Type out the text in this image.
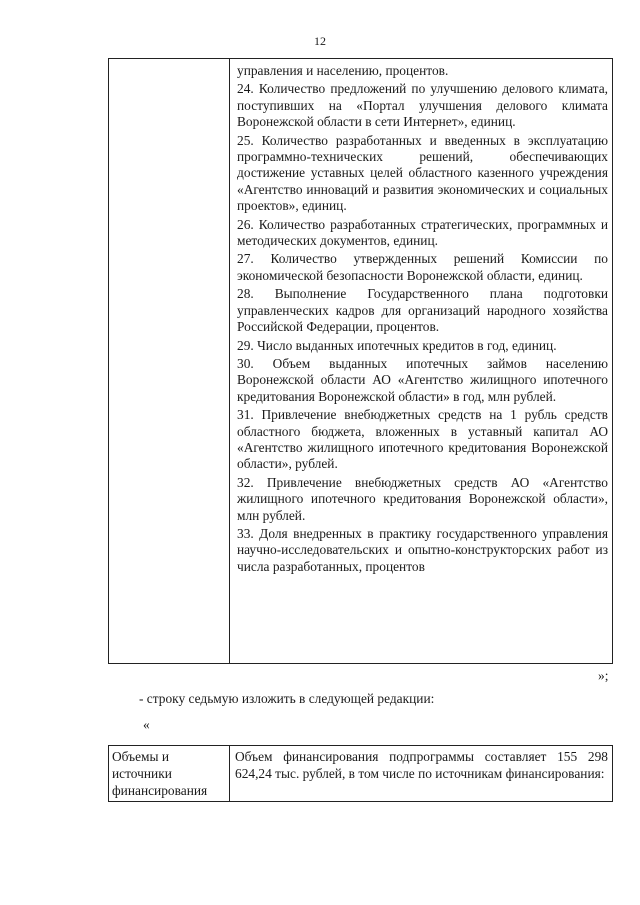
12

управления и населению, процентов.

24. Количество предложений по улучшению делового климата, поступивших на «Портал улучшения делового климата Воронежской области в сети Интернет», единиц.

25. Количество разработанных и введенных в эксплуатацию программно-технических решений, обеспечивающих достижение уставных целей областного казенного учреждения «Агентство инноваций и развития экономических и социальных проектов», единиц.

26. Количество разработанных стратегических, программных и методических документов, единиц.

27. Количество утвержденных решений Комиссии по экономической безопасности Воронежской области, единиц.

28. Выполнение Государственного плана подготовки управленческих кадров для организаций народного хозяйства Российской Федерации, процентов.

29. Число выданных ипотечных кредитов в год, единиц.

30. Объем выданных ипотечных займов населению Воронежской области АО «Агентство жилищного ипотечного кредитования Воронежской области» в год, млн рублей.

31. Привлечение внебюджетных средств на 1 рубль средств областного бюджета, вложенных в уставный капитал АО «Агентство жилищного ипотечного кредитования Воронежской области», рублей.

32. Привлечение внебюджетных средств АО «Агентство жилищного ипотечного кредитования Воронежской области», млн рублей.

33. Доля внедренных в практику государственного управления научно-исследовательских и опытно-конструкторских работ из числа разработанных, процентов

»;
- строку седьмую изложить в следующей редакции:
«
Объемы и источники финансирования	Объем финансирования подпрограммы составляет 155 298 624,24 тыс. рублей, в том числе по источникам финансирования:
